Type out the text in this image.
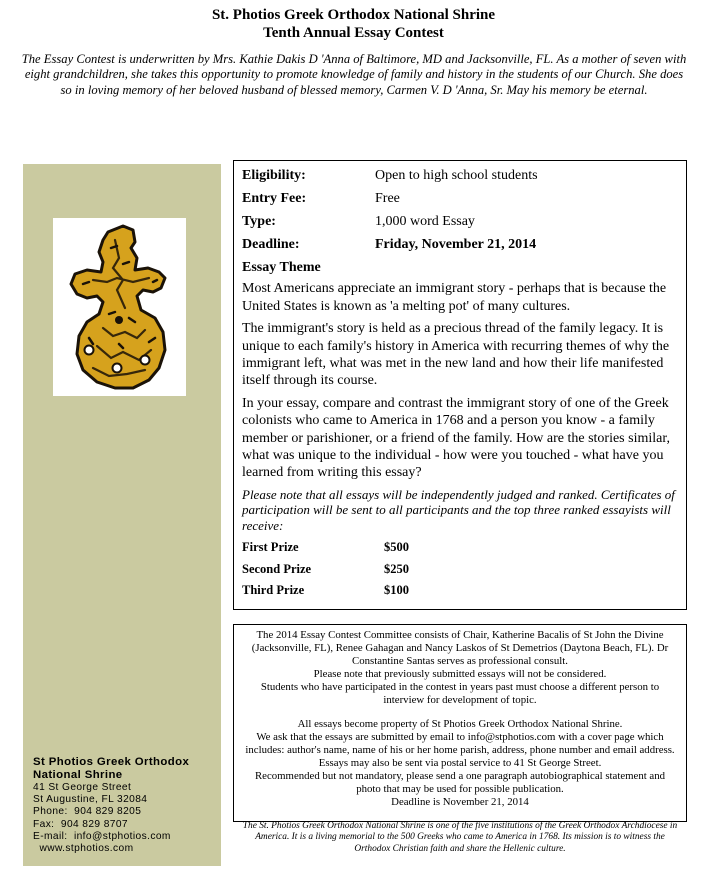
St. Photios Greek Orthodox National Shrine
Tenth Annual Essay Contest
The Essay Contest is underwritten by Mrs. Kathie Dakis D 'Anna of Baltimore, MD and Jacksonville, FL. As a mother of seven with eight grandchildren, she takes this opportunity to promote knowledge of family and history in the students of our Church. She does so in loving memory of her beloved husband of blessed memory, Carmen V. D 'Anna, Sr. May his memory be eternal.
St Photios Greek Orthodox
National Shrine
41 St George Street
St Augustine, FL 32084
Phone:  904 829 8205
Fax:  904 829 8707
E-mail:  info@stphotios.com
www.stphotios.com
Eligibility:	Open to high school students
Entry Fee:	Free
Type:	1,000 word Essay
Deadline:	Friday, November 21, 2014
Essay Theme

Most Americans appreciate an immigrant story - perhaps that is because the United States is known as 'a melting pot' of many cultures.

The immigrant's story is held as a precious thread of the family legacy. It is unique to each family's history in America with recurring themes of why the immigrant left, what was met in the new land and how their life manifested itself through its course.

In your essay, compare and contrast the immigrant story of one of the Greek colonists who came to America in 1768 and a person you know - a family member or parishioner, or a friend of the family. How are the stories similar, what was unique to the individual - how were you touched - what have you learned from writing this essay?

Please note that all essays will be independently judged and ranked. Certificates of participation will be sent to all participants and the top three ranked essayists will receive:

First Prize	$500
Second Prize	$250
Third Prize	$100
The 2014 Essay Contest Committee consists of Chair, Katherine Bacalis of St John the Divine (Jacksonville, FL), Renee Gahagan and Nancy Laskos of St Demetrios (Daytona Beach, FL). Dr Constantine Santas serves as professional consult.
Please note that previously submitted essays will not be considered.
Students who have participated in the contest in years past must choose a different person to interview for development of topic.
All essays become property of St Photios Greek Orthodox National Shrine.
We ask that the essays are submitted by email to info@stphotios.com with a cover page which includes: author's name, name of his or her home parish, address, phone number and email address.
Essays may also be sent via postal service to 41 St George Street.
Recommended but not mandatory, please send a one paragraph autobiographical statement and photo that may be used for possible publication.
Deadline is November 21, 2014
The St. Photios Greek Orthodox National Shrine is one of the five institutions of the Greek Orthodox Archdiocese in America. It is a living memorial to the 500 Greeks who came to America in 1768. Its mission is to witness the Orthodox Christian faith and share the Hellenic culture.
